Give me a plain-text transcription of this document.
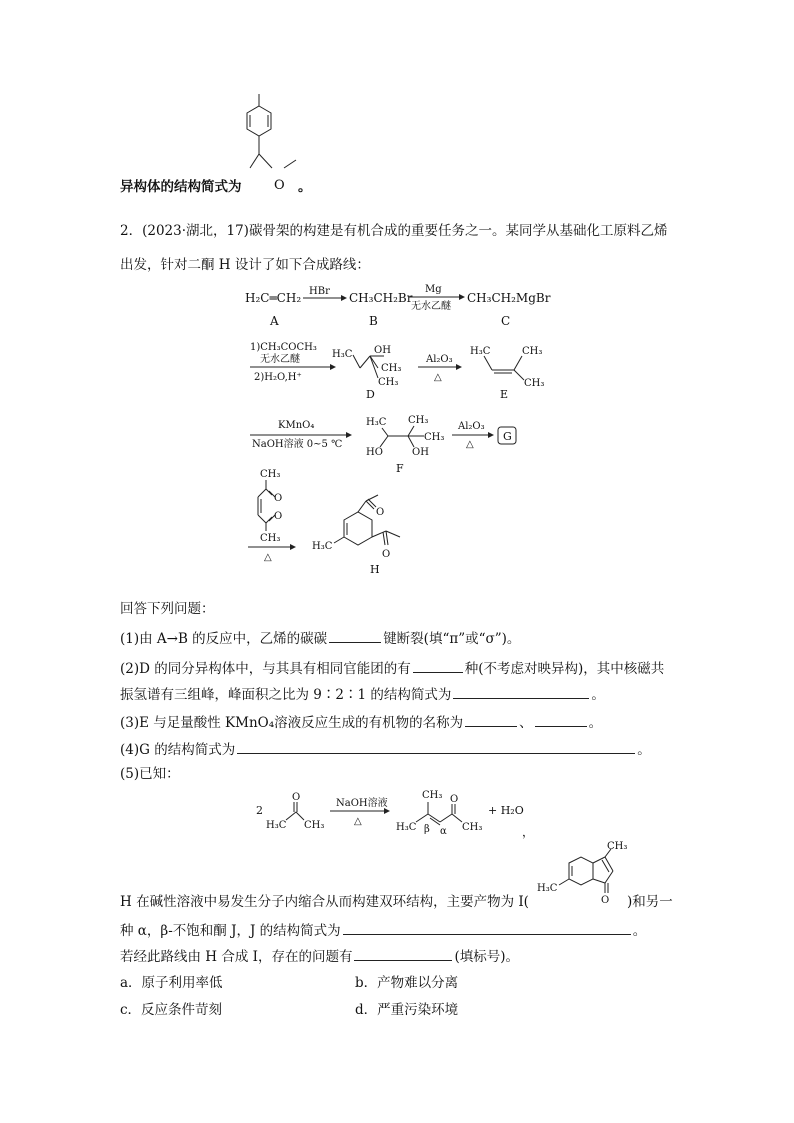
O
异构体的结构简式为	。
2．(2023·湖北，17)碳骨架的构建是有机合成的重要任务之一。某同学从基础化工原料乙烯
出发，针对二酮 H 设计了如下合成路线：
H₂C═CH₂ HBr CH₃CH₂Br
Mg
无水乙醚
CH₃CH₂MgBr
A	B	C
1)CH₃COCH₃
无水乙醚
2)H₂O,H⁺
H₃C OH
CH₃
CH₃
D
Al₂O₃
△
H₃C	CH₃
CH₃
E
KMnO₄
NaOH溶液 0~5 ℃
H₃C CH₃
CH₃
HO	OH
F
Al₂O₃
△
G
CH₃
O
O
CH₃
△
O
O
H₃C
H
回答下列问题：
(1)由 A→B 的反应中，乙烯的碳碳	键断裂(填“π”或“σ”)。
(2)D 的同分异构体中，与其具有相同官能团的有	种(不考虑对映异构)，其中核磁共
振氢谱有三组峰，峰面积之比为 9∶2∶1 的结构简式为	。
(3)E 与足量酸性 KMnO₄溶液反应生成的有机物的名称为	、	。
(4)G 的结构简式为	。
(5)已知：
2
O
H₃C CH₃
NaOH溶液
△
CH₃ O
H₃C β α CH₃
+ H₂O
，
H 在碱性溶液中易发生分子内缩合从而构建双环结构，主要产物为 I(
CH₃
O
H₃C
)和另一
种 α，β-不饱和酮 J，J 的结构简式为	。
若经此路线由 H 合成 I，存在的问题有	(填标号)。
a．原子利用率低	b．产物难以分离
c．反应条件苛刻	d．严重污染环境
